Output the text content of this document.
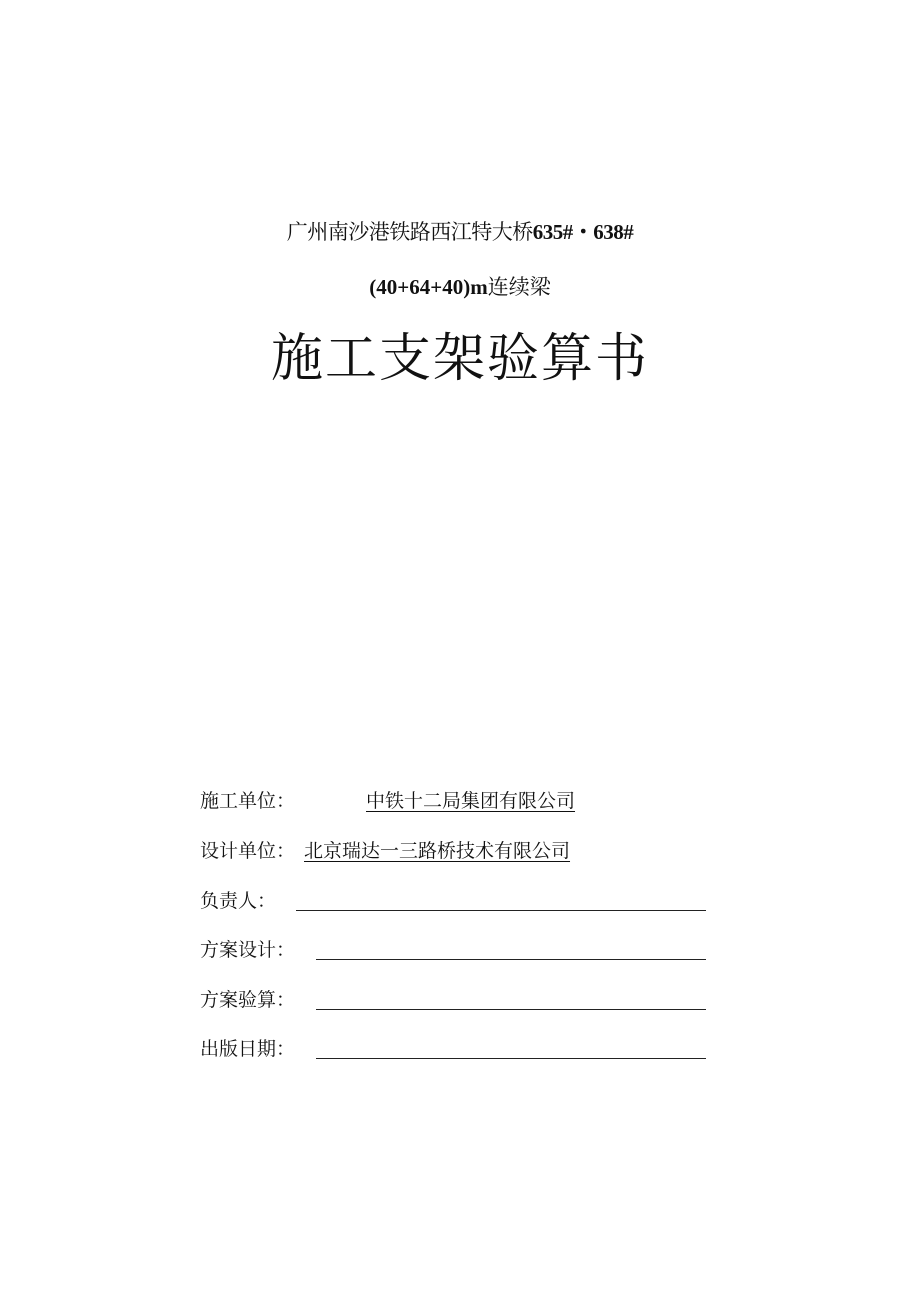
广州南沙港铁路西江特大桥635#・638#
(40+64+40)m连续梁
施工支架验算书
施工单位：	中铁十二局集团有限公司
设计单位： 北京瑞达一三路桥技术有限公司
负责人：
方案设计：
方案验算：
出版日期：
